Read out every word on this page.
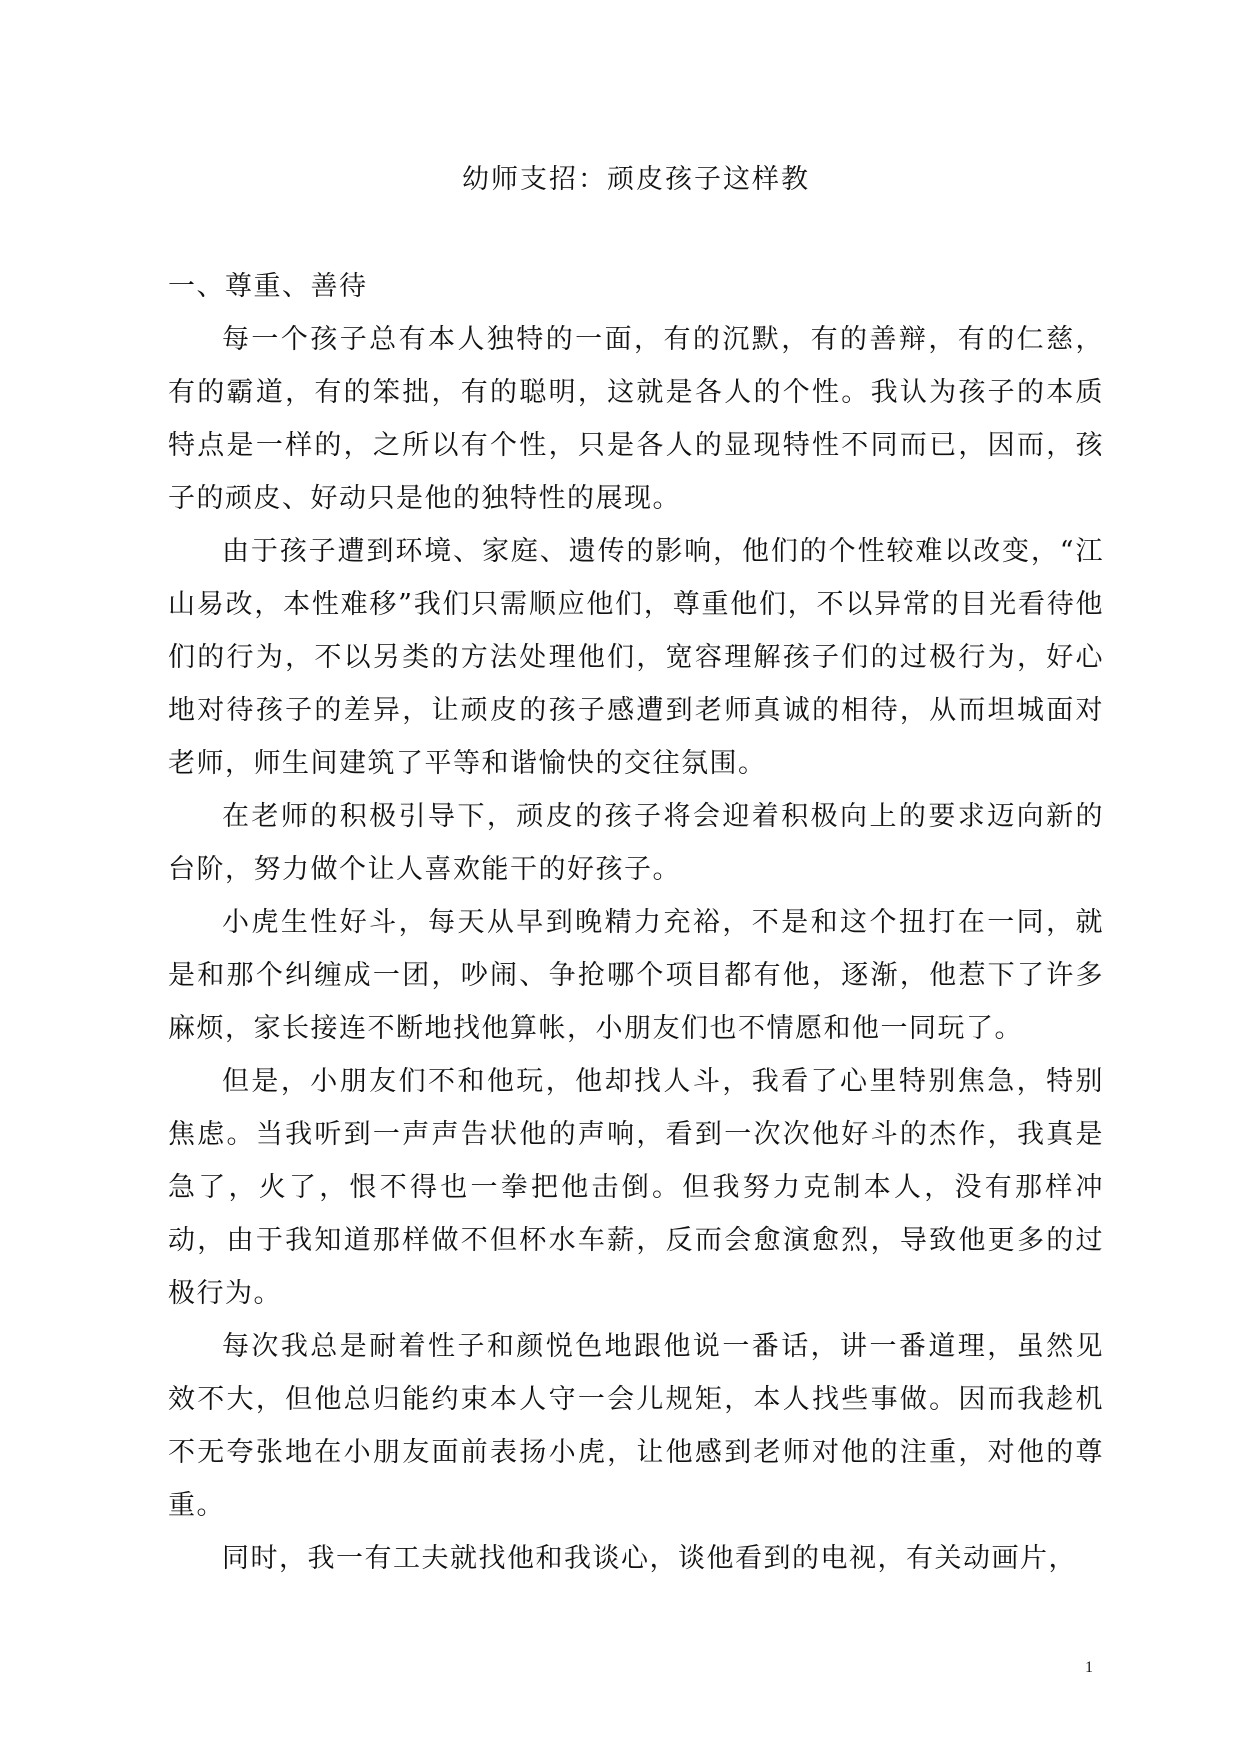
幼师支招：顽皮孩子这样教

一、尊重、善待

每一个孩子总有本人独特的一面，有的沉默，有的善辩，有的仁慈，有的霸道，有的笨拙，有的聪明，这就是各人的个性。我认为孩子的本质特点是一样的，之所以有个性，只是各人的显现特性不同而已，因而，孩子的顽皮、好动只是他的独特性的展现。

由于孩子遭到环境、家庭、遗传的影响，他们的个性较难以改变，“江山易改，本性难移”我们只需顺应他们，尊重他们，不以异常的目光看待他们的行为，不以另类的方法处理他们，宽容理解孩子们的过极行为，好心地对待孩子的差异，让顽皮的孩子感遭到老师真诚的相待，从而坦城面对老师，师生间建筑了平等和谐愉快的交往氛围。

在老师的积极引导下，顽皮的孩子将会迎着积极向上的要求迈向新的台阶，努力做个让人喜欢能干的好孩子。

小虎生性好斗，每天从早到晚精力充裕，不是和这个扭打在一同，就是和那个纠缠成一团，吵闹、争抢哪个项目都有他，逐渐，他惹下了许多麻烦，家长接连不断地找他算帐，小朋友们也不情愿和他一同玩了。

但是，小朋友们不和他玩，他却找人斗，我看了心里特别焦急，特别焦虑。当我听到一声声告状他的声响，看到一次次他好斗的杰作，我真是急了，火了，恨不得也一拳把他击倒。但我努力克制本人，没有那样冲动，由于我知道那样做不但杯水车薪，反而会愈演愈烈，导致他更多的过极行为。

每次我总是耐着性子和颜悦色地跟他说一番话，讲一番道理，虽然见效不大，但他总归能约束本人守一会儿规矩，本人找些事做。因而我趁机不无夸张地在小朋友面前表扬小虎，让他感到老师对他的注重，对他的尊重。

同时，我一有工夫就找他和我谈心，谈他看到的电视，有关动画片，

1
